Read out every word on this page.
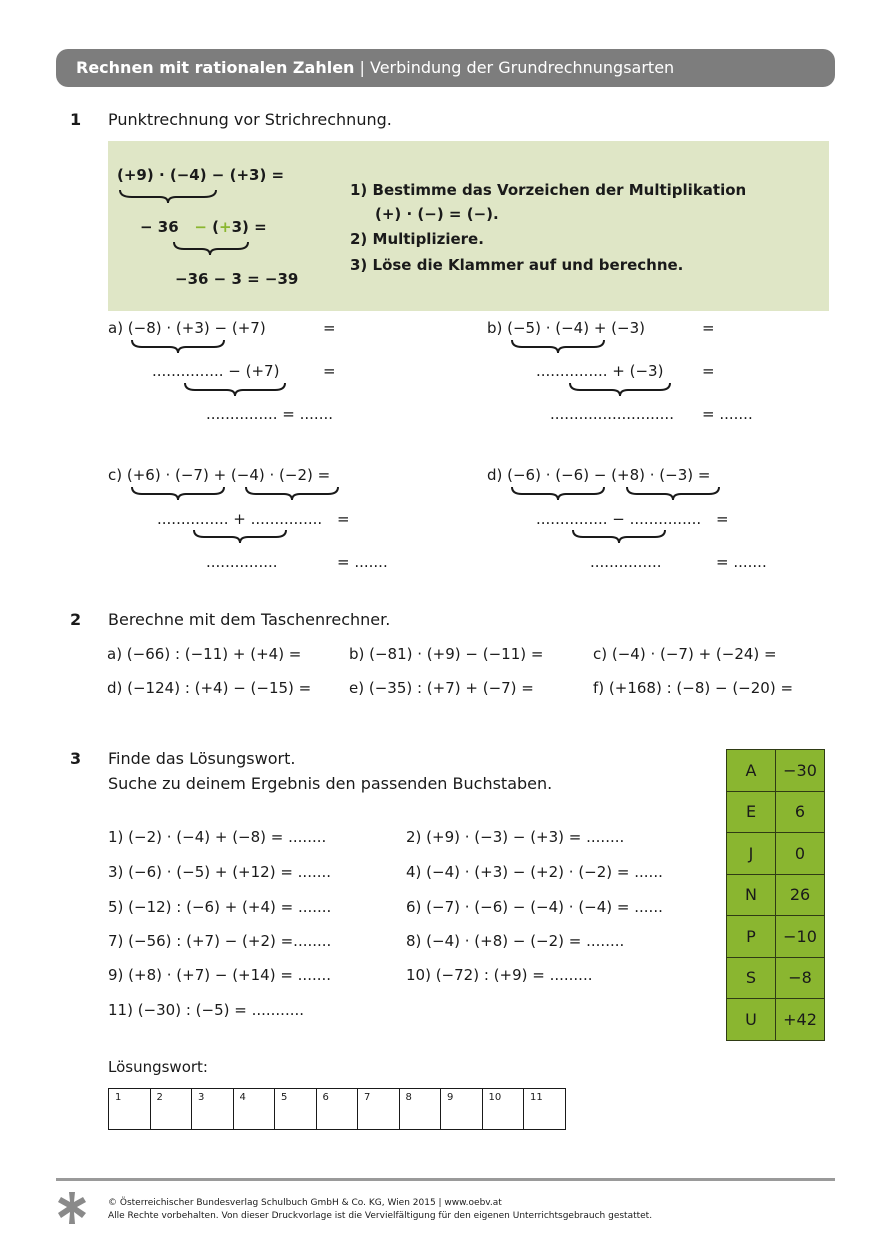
Rechnen mit rationalen Zahlen | Verbindung der Grundrechnungsarten
1 Punktrechnung vor Strichrechnung.
(+9) · (−4) − (+3) =
− 36 − (+3) =
−36 − 3 = −39
1) Bestimme das Vorzeichen der Multiplikation
(+) · (−) = (−).
2) Multipliziere.
3) Löse die Klammer auf und berechne.
a) (−8) · (+3) − (+7)	=
............... − (+7)	=
............... = .......
b) (−5) · (−4) + (−3)	=
............... + (−3)	=
.......................... = .......
c) (+6) · (−7) + (−4) · (−2) =
............... + ............... =
...............	= .......
d) (−6) · (−6) − (+8) · (−3) =
............... − ............... =
...............	= .......
2 Berechne mit dem Taschenrechner.
a) (−66) : (−11) + (+4) =	b) (−81) · (+9) − (−11) =	c) (−4) · (−7) + (−24) =
d) (−124) : (+4) − (−15) =	e) (−35) : (+7) + (−7) =	f) (+168) : (−8) − (−20) =
3 Finde das Lösungswort.
Suche zu deinem Ergebnis den passenden Buchstaben.
1) (−2) · (−4) + (−8) = ........	2) (+9) · (−3) − (+3) = ........
3) (−6) · (−5) + (+12) = .......	4) (−4) · (+3) − (+2) · (−2) = ......
5) (−12) : (−6) + (+4) = .......	6) (−7) · (−6) − (−4) · (−4) = ......
7) (−56) : (+7) − (+2) =........	8) (−4) · (+8) − (−2) = ........
9) (+8) · (+7) − (+14) = .......	10) (−72) : (+9) = .........
11) (−30) : (−5) = ...........
A	−30
E	6
J	0
N	26
P	−10
S	−8
U	+42
Lösungswort:
1	2	3	4	5	6	7	8	9	10	11
© Österreichischer Bundesverlag Schulbuch GmbH & Co. KG, Wien 2015 | www.oebv.at
Alle Rechte vorbehalten. Von dieser Druckvorlage ist die Vervielfältigung für den eigenen Unterrichtsgebrauch gestattet.
